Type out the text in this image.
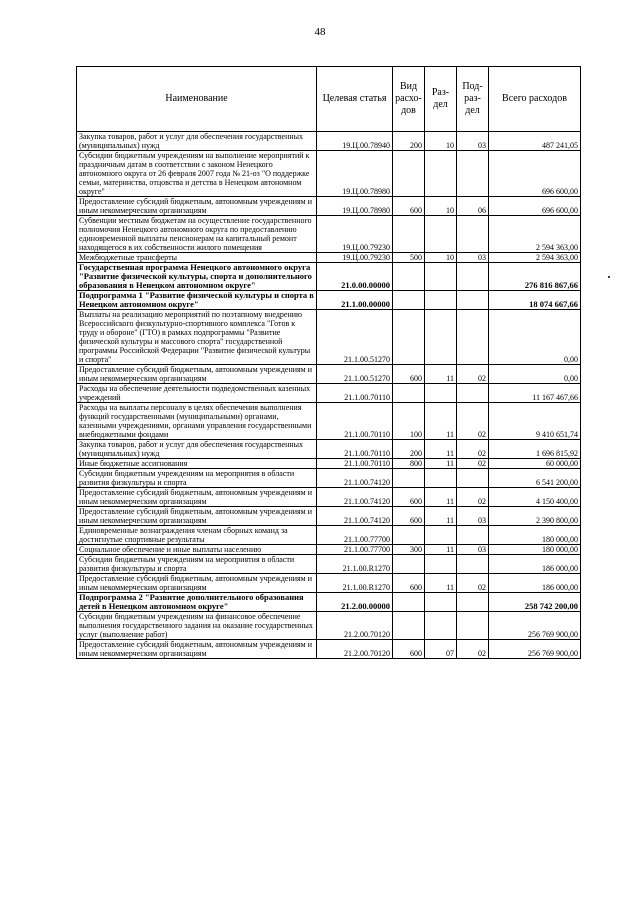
48
Наименование	Целевая статья	Вид расхо-дов	Раз-дел	Под-раз-дел	Всего расходов
Закупка товаров, работ и услуг для обеспечения государственных (муниципальных) нужд	19.Ц.00.78940	200	10	03	487 241,05
Субсидии бюджетным учреждениям на выполнение мероприятий к праздничным датам в соответствии с законом Ненецкого автономного округа от 26 февраля 2007 года № 21-оз "О поддержке семьи, материнства, отцовства и детства в Ненецком автономном округе"	19.Ц.00.78980				696 600,00
Предоставление субсидий бюджетным, автономным учреждениям и иным некоммерческим организациям	19.Ц.00.78980	600	10	06	696 600,00
Субвенции местным бюджетам на осуществление государственного полномочия Ненецкого автономного округа по предоставлению единовременной выплаты пенсионерам на капитальный ремонт находящегося в их собственности жилого помещения	19.Ц.00.79230				2 594 363,00
Межбюджетные трансферты	19.Ц.00.79230	500	10	03	2 594 363,00
Государственная программа Ненецкого автономного округа "Развитие физической культуры, спорта и дополнительного образования в Ненецком автономном округе"	21.0.00.00000				276 816 867,66
Подпрограмма 1 "Развитие физической культуры и спорта в Ненецком автономном округе"	21.1.00.00000				18 074 667,66
Выплаты на реализацию мероприятий по поэтапному внедрению Всероссийского физкультурно-спортивного комплекса "Готов к труду и обороне" (ГТО) в рамках подпрограммы "Развитие физической культуры и массового спорта" государственной программы Российской Федерации "Развитие физической культуры и спорта"	21.1.00.51270				0,00
Предоставление субсидий бюджетным, автономным учреждениям и иным некоммерческим организациям	21.1.00.51270	600	11	02	0,00
Расходы на обеспечение деятельности подведомственных казенных учреждений	21.1.00.70110				11 167 467,66
Расходы на выплаты персоналу в целях обеспечения выполнения функций государственными (муниципальными) органами, казенными учреждениями, органами управления государственными внебюджетными фондами	21.1.00.70110	100	11	02	9 410 651,74
Закупка товаров, работ и услуг для обеспечения государственных (муниципальных) нужд	21.1.00.70110	200	11	02	1 696 815,92
Иные бюджетные ассигнования	21.1.00.70110	800	11	02	60 000,00
Субсидии бюджетным учреждениям на мероприятия в области развития физкультуры и спорта	21.1.00.74120				6 541 200,00
Предоставление субсидий бюджетным, автономным учреждениям и иным некоммерческим организациям	21.1.00.74120	600	11	02	4 150 400,00
Предоставление субсидий бюджетным, автономным учреждениям и иным некоммерческим организациям	21.1.00.74120	600	11	03	2 390 800,00
Единовременные вознаграждения членам сборных команд за достигнутые спортивные результаты	21.1.00.77700				180 000,00
Социальное обеспечение и иные выплаты населению	21.1.00.77700	300	11	03	180 000,00
Субсидии бюджетным учреждениям на мероприятия в области развития физкультуры и спорта	21.1.00.R1270				186 000,00
Предоставление субсидий бюджетным, автономным учреждениям и иным некоммерческим организациям	21.1.00.R1270	600	11	02	186 000,00
Подпрограмма 2 "Развитие дополнительного образования детей в Ненецком автономном округе"	21.2.00.00000				258 742 200,00
Субсидии бюджетным учреждениям на финансовое обеспечение выполнения государственного задания на оказание государственных услуг (выполнение работ)	21.2.00.70120				256 769 900,00
Предоставление субсидий бюджетным, автономным учреждениям и иным некоммерческим организациям	21.2.00.70120	600	07	02	256 769 900,00
